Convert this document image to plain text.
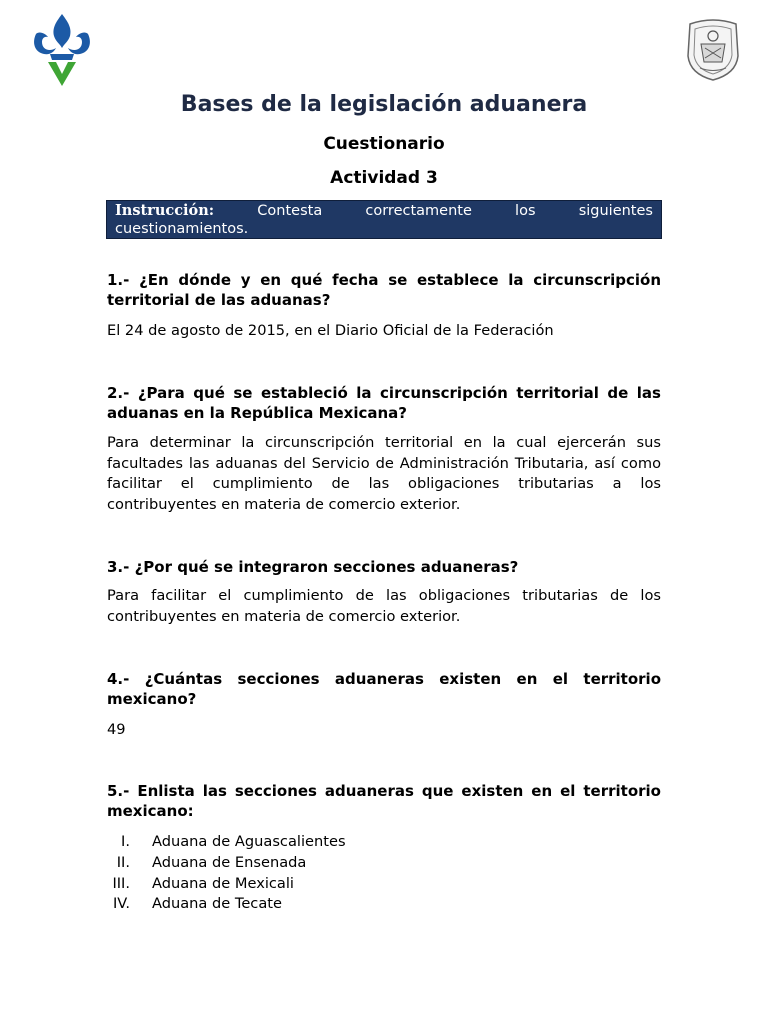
Bases de la legislación aduanera
Cuestionario
Actividad 3
Instrucción:	Contesta	correctamente	los	siguientes
cuestionamientos.
1.- ¿En dónde y en qué fecha se establece la circunscripción territorial de las aduanas?
El 24 de agosto de 2015, en el Diario Oficial de la Federación
2.- ¿Para qué se estableció la circunscripción territorial de las aduanas en la República Mexicana?
Para determinar la circunscripción territorial en la cual ejercerán sus facultades las aduanas del Servicio de Administración Tributaria, así como facilitar el cumplimiento de las obligaciones tributarias a los contribuyentes en materia de comercio exterior.
3.- ¿Por qué se integraron secciones aduaneras?
Para facilitar el cumplimiento de las obligaciones tributarias de los contribuyentes en materia de comercio exterior.
4.- ¿Cuántas secciones aduaneras existen en el territorio mexicano?
49
5.- Enlista las secciones aduaneras que existen en el territorio mexicano:
I. Aduana de Aguascalientes
II. Aduana de Ensenada
III. Aduana de Mexicali
IV. Aduana de Tecate
